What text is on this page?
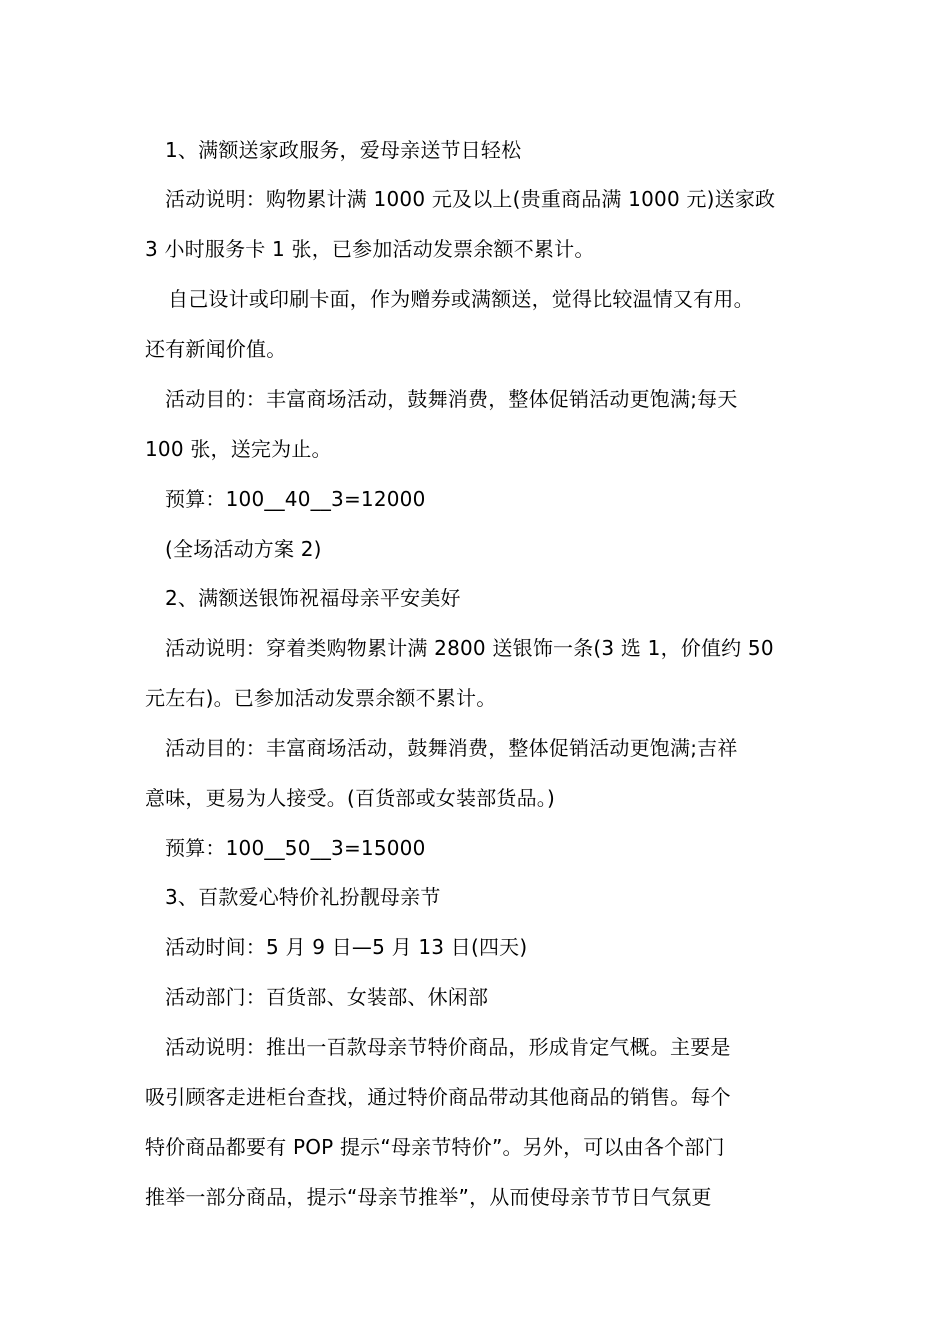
1、满额送家政服务，爱母亲送节日轻松
活动说明：购物累计满 1000 元及以上(贵重商品满 1000 元)送家政
3 小时服务卡 1 张，已参加活动发票余额不累计。
自己设计或印刷卡面，作为赠券或满额送，觉得比较温情又有用。
还有新闻价值。
活动目的：丰富商场活动，鼓舞消费，整体促销活动更饱满;每天
100 张，送完为止。
预算：100__40__3=12000
(全场活动方案 2)
2、满额送银饰祝福母亲平安美好
活动说明：穿着类购物累计满 2800 送银饰一条(3 选 1，价值约 50
元左右)。已参加活动发票余额不累计。
活动目的：丰富商场活动，鼓舞消费，整体促销活动更饱满;吉祥
意味，更易为人接受。(百货部或女装部货品。)
预算：100__50__3=15000
3、百款爱心特价礼扮靓母亲节
活动时间：5 月 9 日—5 月 13 日(四天)
活动部门：百货部、女装部、休闲部
活动说明：推出一百款母亲节特价商品，形成肯定气概。主要是
吸引顾客走进柜台查找，通过特价商品带动其他商品的销售。每个
特价商品都要有 POP 提示“母亲节特价”。另外，可以由各个部门
推举一部分商品，提示“母亲节推举”，从而使母亲节节日气氛更
